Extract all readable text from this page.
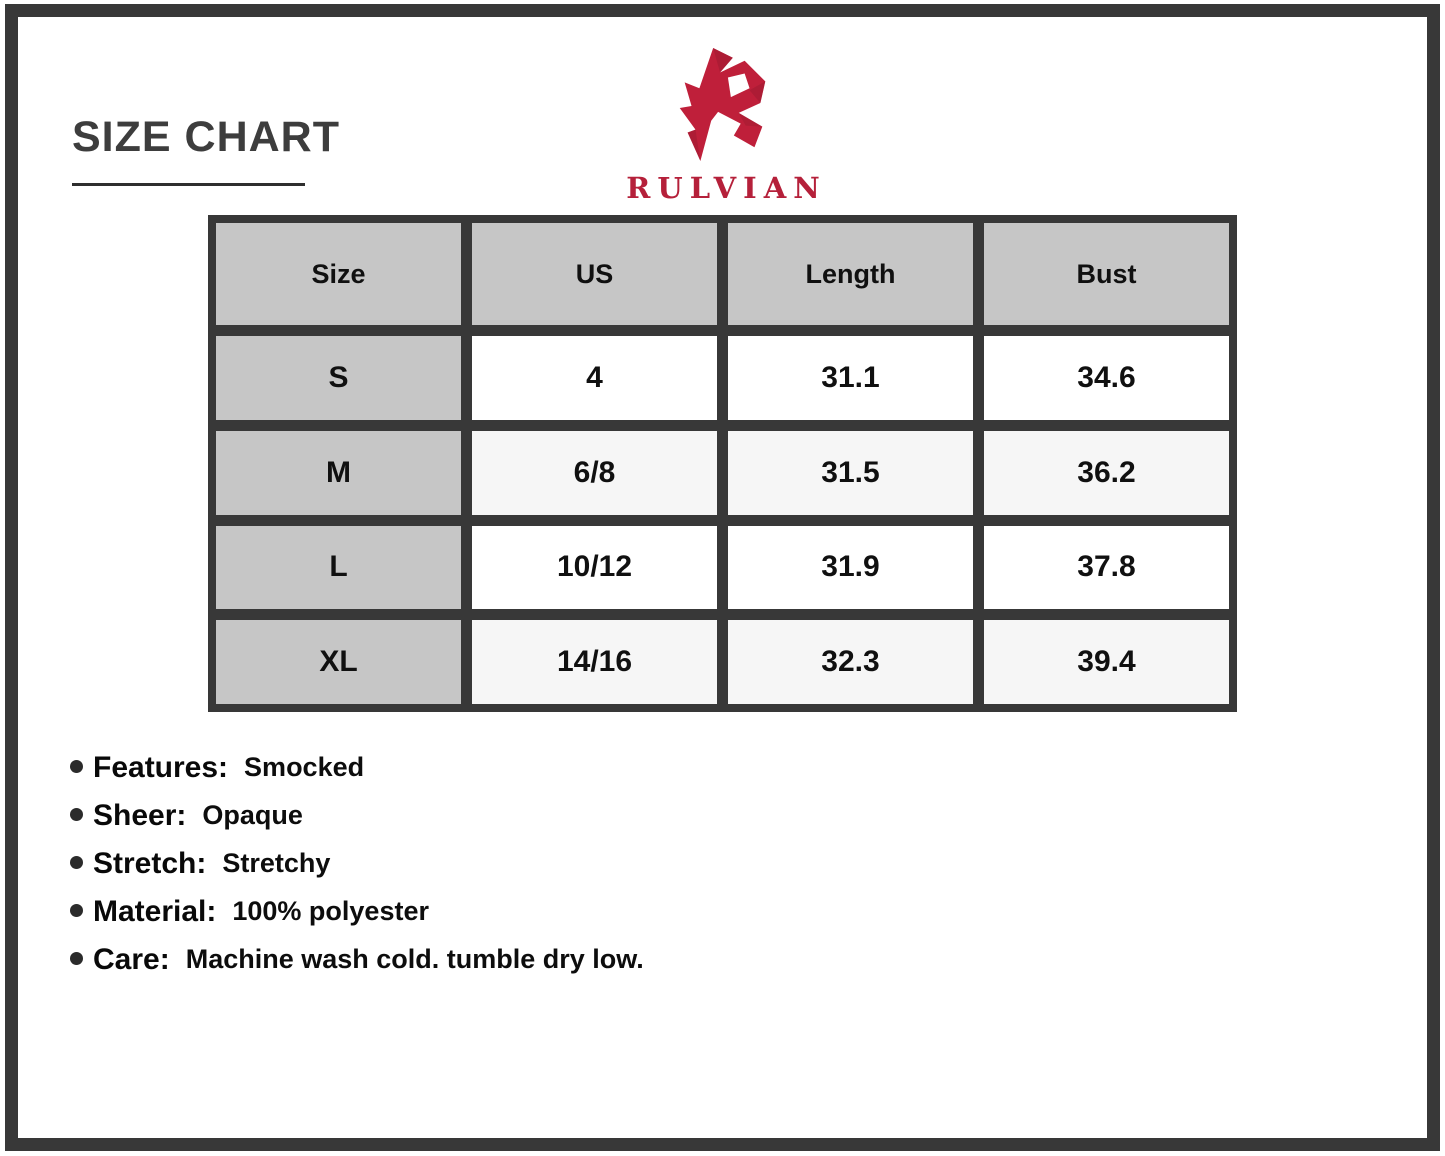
SIZE CHART
RULVIAN
Size	US	Length	Bust
S	4	31.1	34.6
M	6/8	31.5	36.2
L	10/12	31.9	37.8
XL	14/16	32.3	39.4
Features: Smocked
Sheer: Opaque
Stretch: Stretchy
Material: 100% polyester
Care: Machine wash cold. tumble dry low.
